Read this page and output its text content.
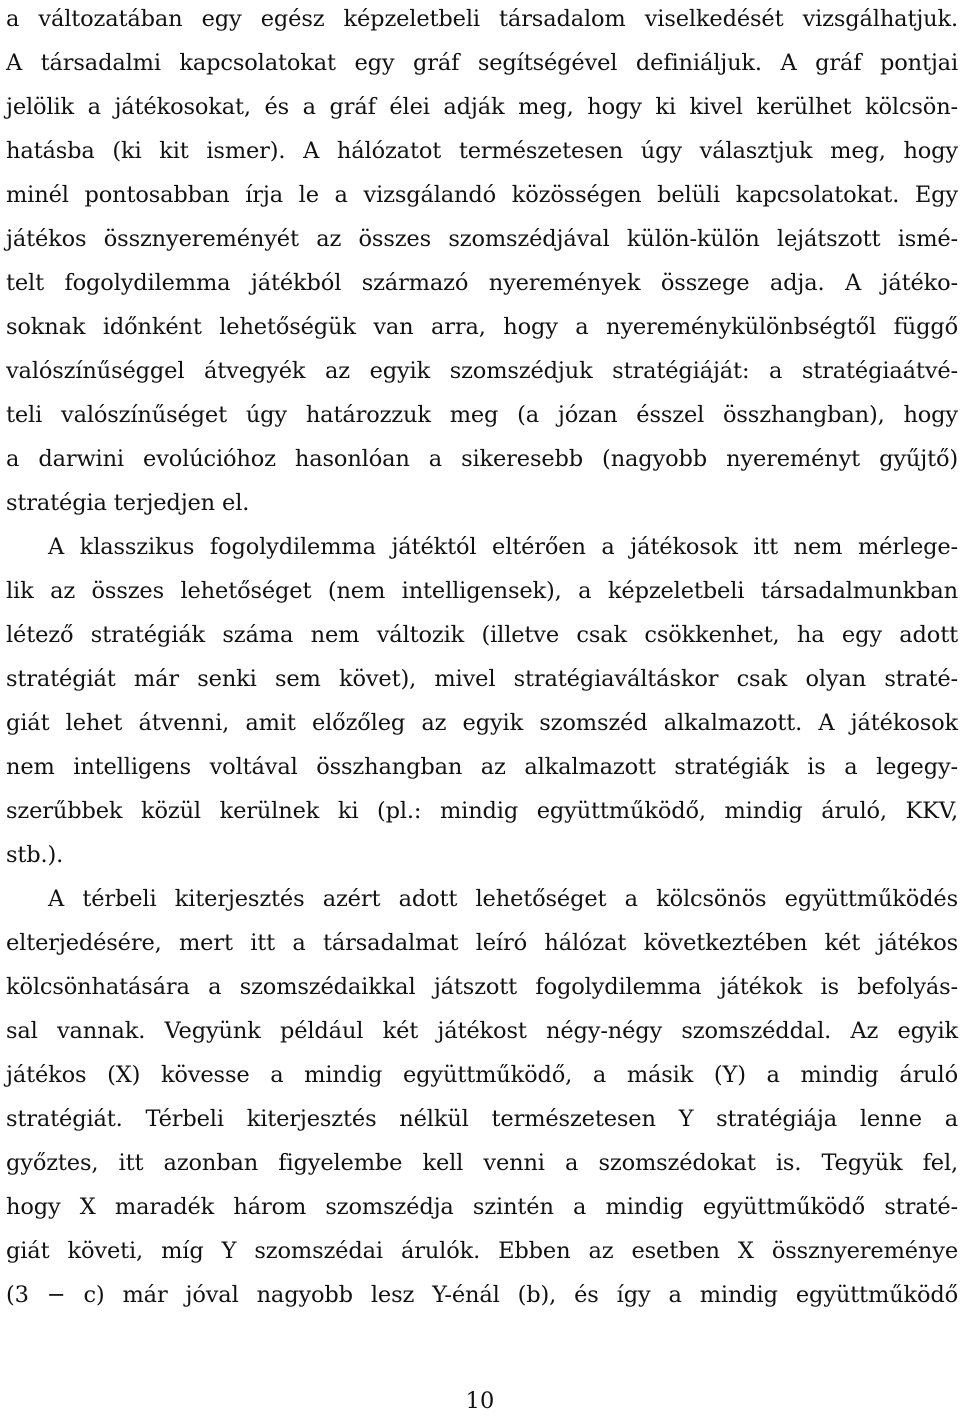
a változatában egy egész képzeletbeli társadalom viselkedését vizsgálhatjuk.
A társadalmi kapcsolatokat egy gráf segítségével definiáljuk. A gráf pontjai
jelölik a játékosokat, és a gráf élei adják meg, hogy ki kivel kerülhet kölcsön-
hatásba (ki kit ismer). A hálózatot természetesen úgy választjuk meg, hogy
minél pontosabban írja le a vizsgálandó közösségen belüli kapcsolatokat. Egy
játékos össznyereményét az összes szomszédjával külön-külön lejátszott ismé-
telt fogolydilemma játékból származó nyeremények összege adja. A játéko-
soknak időnként lehetőségük van arra, hogy a nyereménykülönbségtől függő
valószínűséggel átvegyék az egyik szomszédjuk stratégiáját: a stratégiaátvé-
teli valószínűséget úgy határozzuk meg (a józan ésszel összhangban), hogy
a darwini evolúcióhoz hasonlóan a sikeresebb (nagyobb nyereményt gyűjtő)
stratégia terjedjen el.
A klasszikus fogolydilemma játéktól eltérően a játékosok itt nem mérlege-
lik az összes lehetőséget (nem intelligensek), a képzeletbeli társadalmunkban
létező stratégiák száma nem változik (illetve csak csökkenhet, ha egy adott
stratégiát már senki sem követ), mivel stratégiaváltáskor csak olyan straté-
giát lehet átvenni, amit előzőleg az egyik szomszéd alkalmazott. A játékosok
nem intelligens voltával összhangban az alkalmazott stratégiák is a legegy-
szerűbbek közül kerülnek ki (pl.: mindig együttműködő, mindig áruló, KKV,
stb.).
A térbeli kiterjesztés azért adott lehetőséget a kölcsönös együttműködés
elterjedésére, mert itt a társadalmat leíró hálózat következtében két játékos
kölcsönhatására a szomszédaikkal játszott fogolydilemma játékok is befolyás-
sal vannak. Vegyünk például két játékost négy-négy szomszéddal. Az egyik
játékos (X) kövesse a mindig együttműködő, a másik (Y) a mindig áruló
stratégiát. Térbeli kiterjesztés nélkül természetesen Y stratégiája lenne a
győztes, itt azonban figyelembe kell venni a szomszédokat is. Tegyük fel,
hogy X maradék három szomszédja szintén a mindig együttműködő straté-
giát követi, míg Y szomszédai árulók. Ebben az esetben X össznyereménye
(3 − c) már jóval nagyobb lesz Y-énál (b), és így a mindig együttműködő
10
